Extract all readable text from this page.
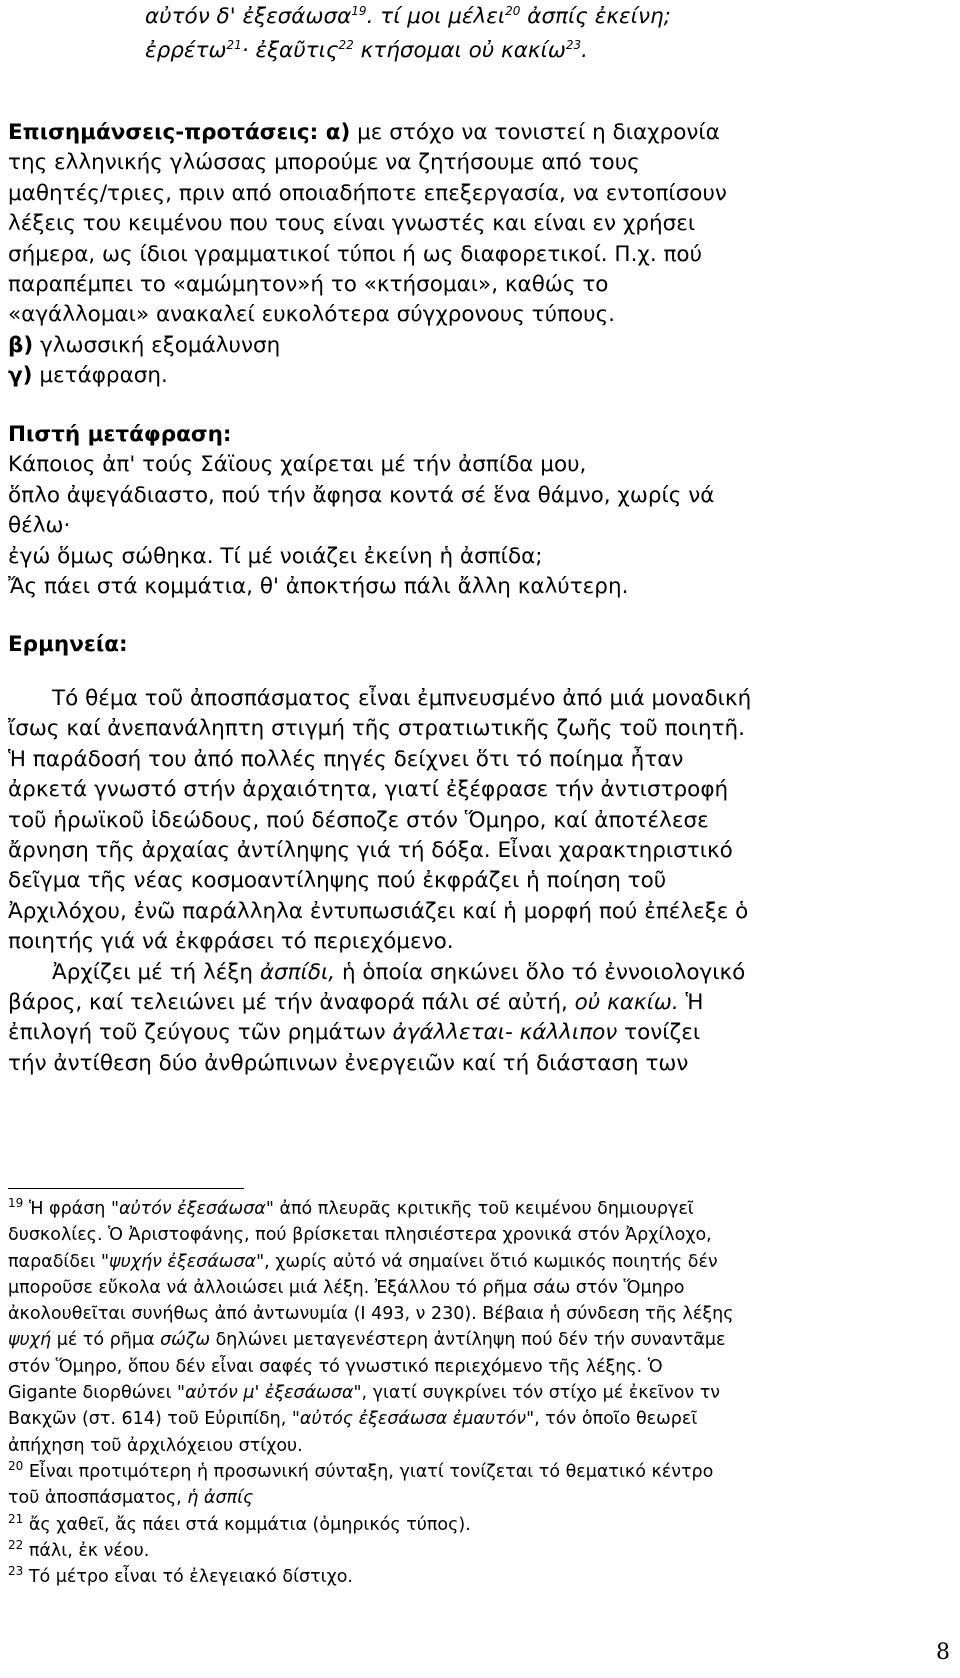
αὐτόν δ' ἐξεσάωσα$^{19}$. τί μοι μέλει$^{20}$ ἀσπίς ἐκείνη;
ἐρρέτω$^{21}$· ἐξαῦτις$^{22}$ κτήσομαι οὐ κακίω$^{23}$.
Επισημάνσεις-προτάσεις: α) με στόχο να τονιστεί η διαχρονία
της ελληνικής γλώσσας μπορούμε να ζητήσουμε από τους
μαθητές/τριες, πριν από οποιαδήποτε επεξεργασία, να εντοπίσουν
λέξεις του κειμένου που τους είναι γνωστές και είναι εν χρήσει
σήμερα, ως ίδιοι γραμματικοί τύποι ή ως διαφορετικοί. Π.χ. πού
παραπέμπει το «αμώμητον»ή το «κτήσομαι», καθώς το
«αγάλλομαι» ανακαλεί ευκολότερα σύγχρονους τύπους.
β) γλωσσική εξομάλυνση
γ) μετάφραση.
Πιστή μετάφραση:
Κάποιος ἀπ' τούς Σάϊους χαίρεται μέ τήν ἀσπίδα μου,
ὅπλο ἀψεγάδιαστο, πού τήν ἄφησα κοντά σέ ἕνα θάμνο, χωρίς νά
θέλω·
ἐγώ ὅμως σώθηκα. Τί μέ νοιάζει ἐκείνη ἡ ἀσπίδα;
Ἄς πάει στά κομμάτια, θ' ἀποκτήσω πάλι ἄλλη καλύτερη.
Ερμηνεία:
Τό θέμα τοῦ ἀποσπάσματος εἶναι ἐμπνευσμένο ἀπό μιά μοναδική
ἴσως καί ἀνεπανάληπτη στιγμή τῆς στρατιωτικῆς ζωῆς τοῦ ποιητῆ.
Ἡ παράδοσή του ἀπό πολλές πηγές δείχνει ὅτι τό ποίημα ἦταν
ἀρκετά γνωστό στήν ἀρχαιότητα, γιατί ἐξέφρασε τήν ἀντιστροφή
τοῦ ἡρωϊκοῦ ἰδεώδους, πού δέσποζε στόν Ὅμηρο, καί ἀποτέλεσε
ἄρνηση τῆς ἀρχαίας ἀντίληψης γιά τή δόξα. Εἶναι χαρακτηριστικό
δεῖγμα τῆς νέας κοσμοαντίληψης πού ἐκφράζει ἡ ποίηση τοῦ
Ἀρχιλόχου, ἐνῶ παράλληλα ἐντυπωσιάζει καί ἡ μορφή πού ἐπέλεξε ὁ
ποιητής γιά νά ἐκφράσει τό περιεχόμενο.
Ἀρχίζει μέ τή λέξη ἀσπίδι, ἡ ὁποία σηκώνει ὅλο τό ἐννοιολογικό
βάρος, καί τελειώνει μέ τήν ἀναφορά πάλι σέ αὐτή, οὐ κακίω. Ἡ
ἐπιλογή τοῦ ζεύγους τῶν ρημάτων ἀγάλλεται- κάλλιπον τονίζει
τήν ἀντίθεση δύο ἀνθρώπινων ἐνεργειῶν καί τή διάσταση των
$^{19}$ Ἡ φράση "αὐτόν ἐξεσάωσα" ἀπό πλευρᾶς κριτικῆς τοῦ κειμένου δημιουργεῖ
δυσκολίες. Ὁ Ἀριστοφάνης, πού βρίσκεται πλησιέστερα χρονικά στόν Ἀρχίλοχο,
παραδίδει "ψυχήν ἐξεσάωσα", χωρίς αὐτό νά σημαίνει ὅτιό κωμικός ποιητής δέν
μποροῦσε εὔκολα νά ἀλλοιώσει μιά λέξη. Ἐξάλλου τό ρῆμα σάω στόν Ὅμηρο
ἀκολουθεῖται συνήθως ἀπό ἀντωνυμία (I 493, ν 230). Βέβαια ἡ σύνδεση τῆς λέξης
ψυχή μέ τό ρῆμα σώζω δηλώνει μεταγενέστερη ἀντίληψη πού δέν τήν συναντᾶμε
στόν Ὅμηρο, ὅπου δέν εἶναι σαφές τό γνωστικό περιεχόμενο τῆς λέξης. Ὁ
Gigante διορθώνει "αὐτόν μ' ἐξεσάωσα", γιατί συγκρίνει τόν στίχο μέ ἐκεῖνον τν
Βακχῶν (στ. 614) τοῦ Εὐριπίδη, "αὐτός ἐξεσάωσα ἐμαυτόν", τόν ὁποῖο θεωρεῖ
ἀπήχηση τοῦ ἀρχιλόχειου στίχου.
$^{20}$ Εἶναι προτιμότερη ἡ προσωνική σύνταξη, γιατί τονίζεται τό θεματικό κέντρο
τοῦ ἀποσπάσματος, ἡ ἀσπίς
$^{21}$ ἄς χαθεῖ, ἄς πάει στά κομμάτια (ὁμηρικός τύπος).
$^{22}$ πάλι, ἐκ νέου.
$^{23}$ Τό μέτρο εἶναι τό ἐλεγειακό δίστιχο.
8
